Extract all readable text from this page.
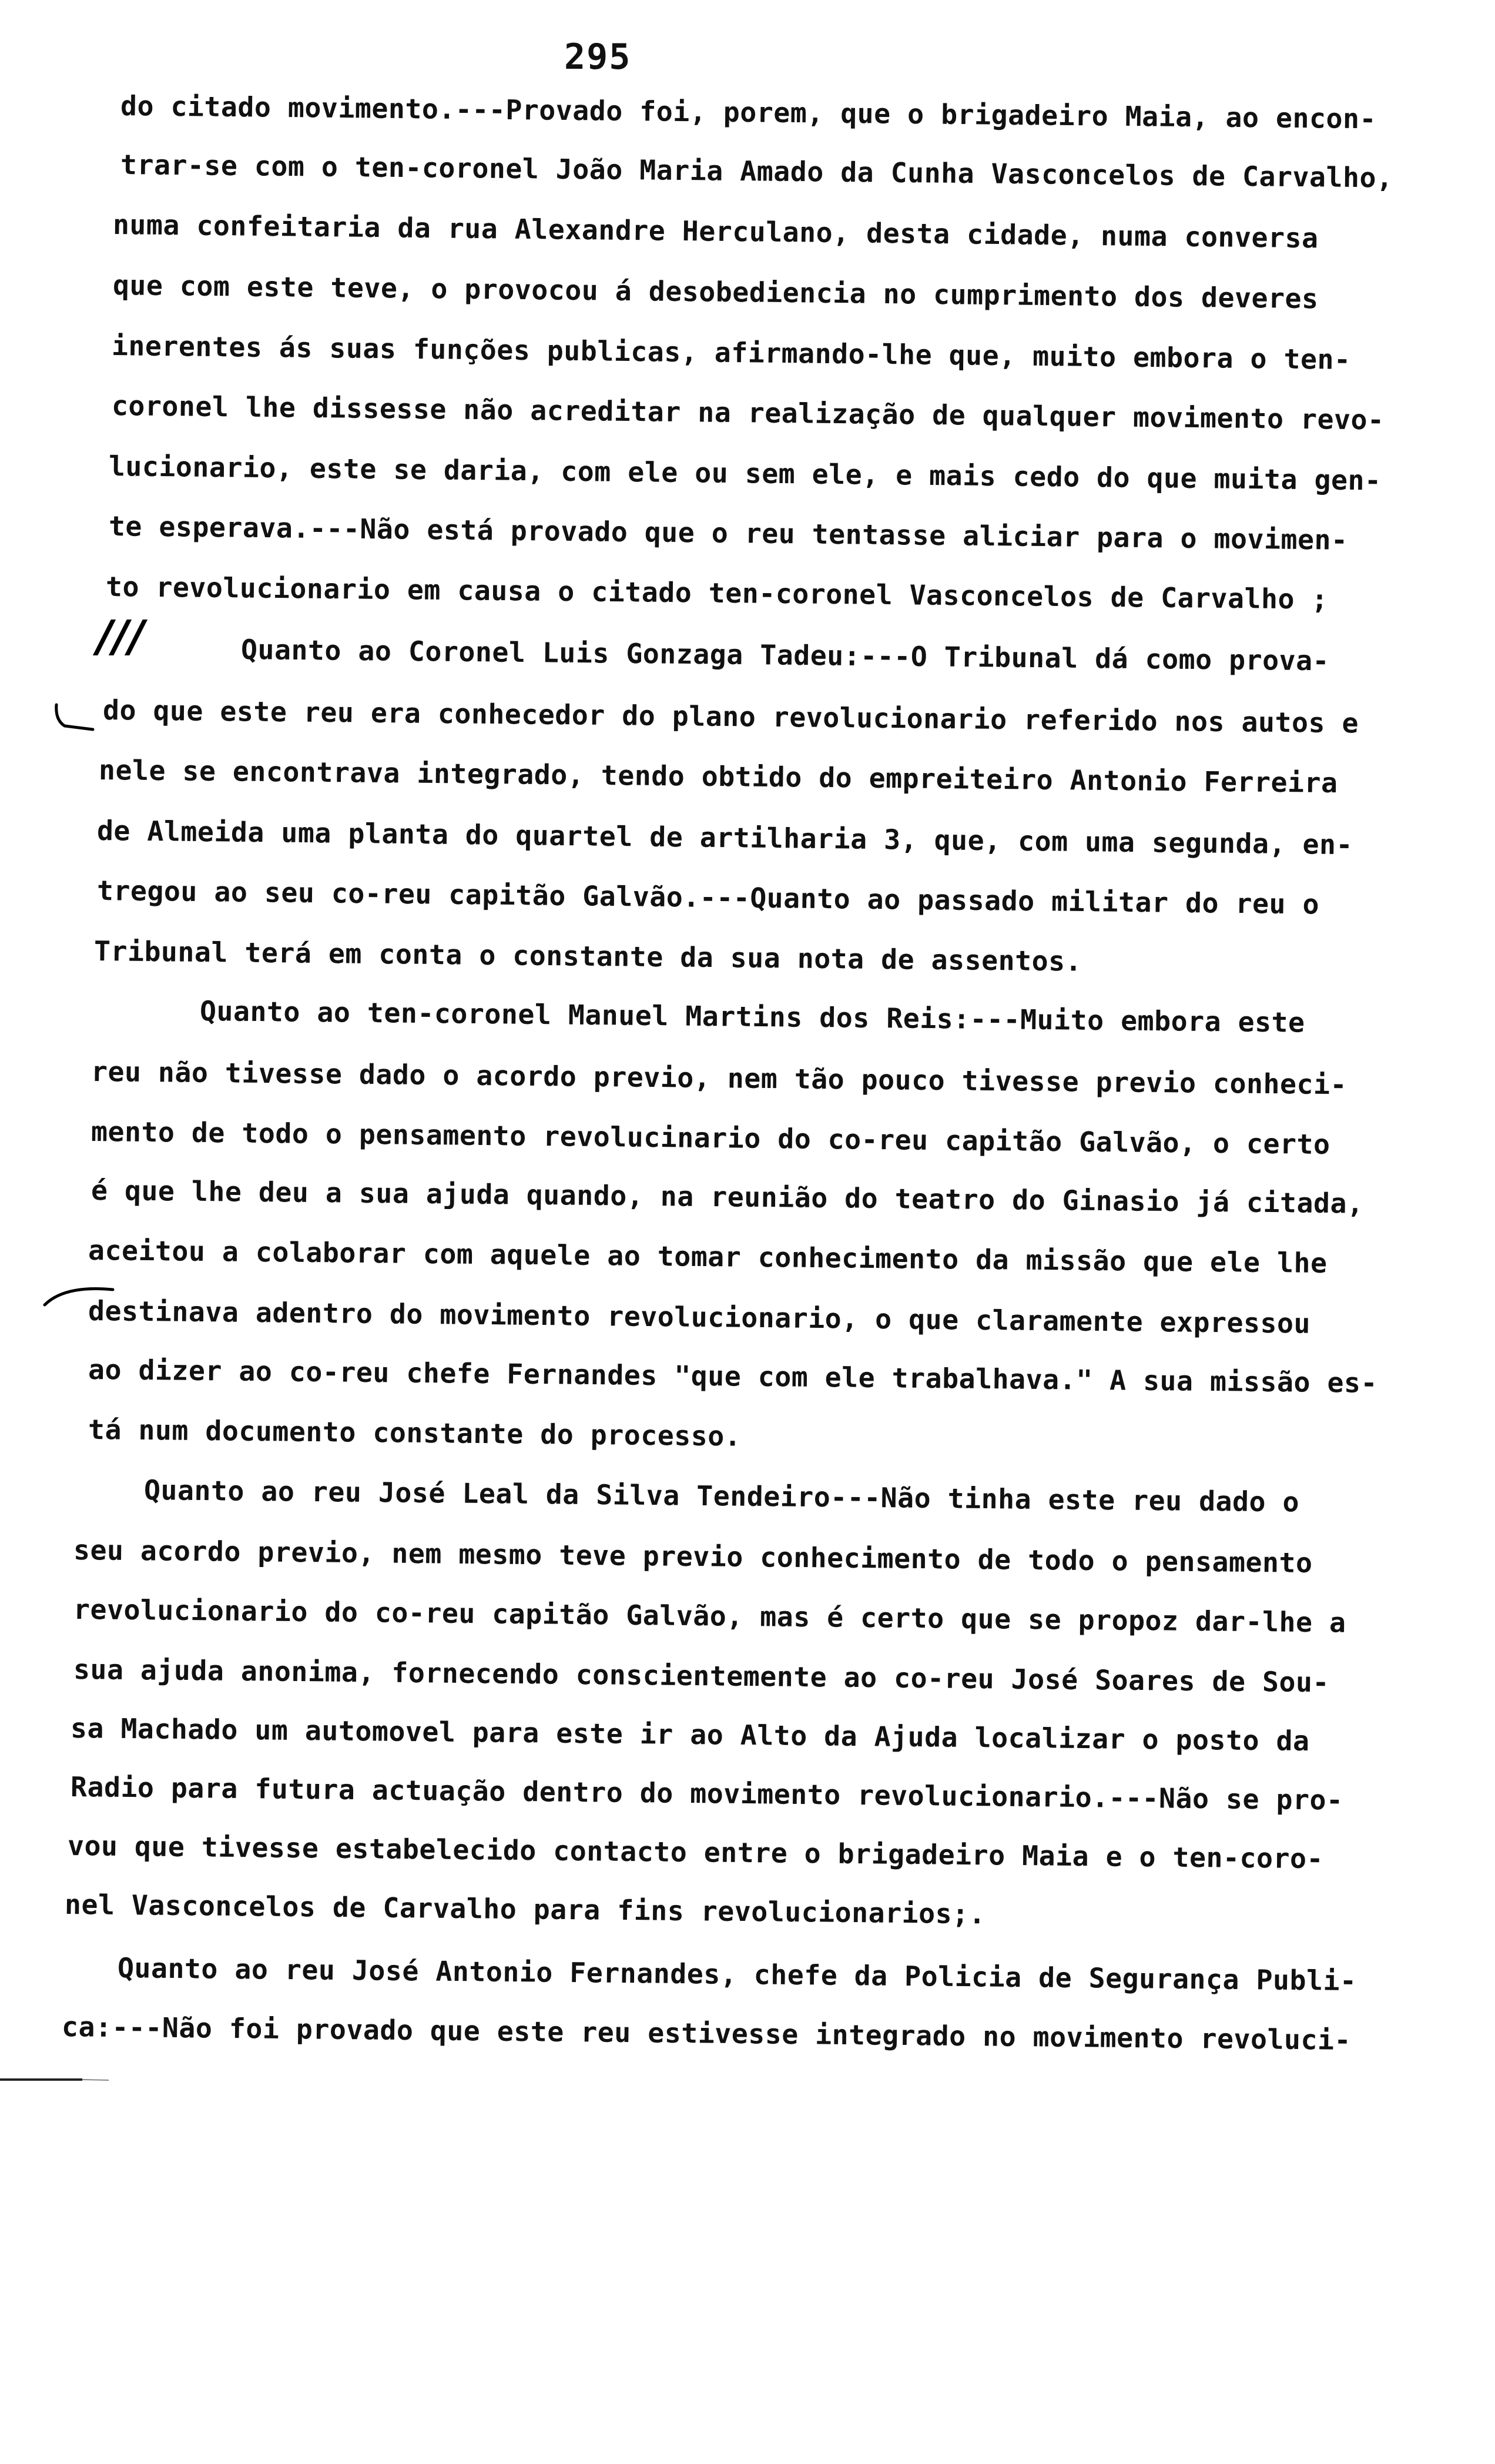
295
do citado movimento.---Provado foi, porem, que o brigadeiro Maia, ao encon-
trar-se com o ten-coronel João Maria Amado da Cunha Vasconcelos de Carvalho,
numa confeitaria da rua Alexandre Herculano, desta cidade, numa conversa
que com este teve, o provocou á desobediencia no cumprimento dos deveres
inerentes ás suas funções publicas, afirmando-lhe que, muito embora o ten-
coronel lhe dissesse não acreditar na realização de qualquer movimento revo-
lucionario, este se daria, com ele ou sem ele, e mais cedo do que muita gen-
te esperava.---Não está provado que o reu tentasse aliciar para o movimen-
to revolucionario em causa o citado ten-coronel Vasconcelos de Carvalho ;
///	Quanto ao Coronel Luis Gonzaga Tadeu:---O Tribunal dá como prova-
do que este reu era conhecedor do plano revolucionario referido nos autos e
nele se encontrava integrado, tendo obtido do empreiteiro Antonio Ferreira
de Almeida uma planta do quartel de artilharia 3, que, com uma segunda, en-
tregou ao seu co-reu capitão Galvão.---Quanto ao passado militar do reu o
Tribunal terá em conta o constante da sua nota de assentos.
Quanto ao ten-coronel Manuel Martins dos Reis:---Muito embora este
reu não tivesse dado o acordo previo, nem tão pouco tivesse previo conheci-
mento de todo o pensamento revolucinario do co-reu capitão Galvão, o certo
é que lhe deu a sua ajuda quando, na reunião do teatro do Ginasio já citada,
aceitou a colaborar com aquele ao tomar conhecimento da missão que ele lhe
destinava adentro do movimento revolucionario, o que claramente expressou
ao dizer ao co-reu chefe Fernandes "que com ele trabalhava." A sua missão es-
tá num documento constante do processo.
Quanto ao reu José Leal da Silva Tendeiro---Não tinha este reu dado o
seu acordo previo, nem mesmo teve previo conhecimento de todo o pensamento
revolucionario do co-reu capitão Galvão, mas é certo que se propoz dar-lhe a
sua ajuda anonima, fornecendo conscientemente ao co-reu José Soares de Sou-
sa Machado um automovel para este ir ao Alto da Ajuda localizar o posto da
Radio para futura actuação dentro do movimento revolucionario.---Não se pro-
vou que tivesse estabelecido contacto entre o brigadeiro Maia e o ten-coro-
nel Vasconcelos de Carvalho para fins revolucionarios;.
Quanto ao reu José Antonio Fernandes, chefe da Policia de Segurança Publi-
ca:---Não foi provado que este reu estivesse integrado no movimento revoluci-
